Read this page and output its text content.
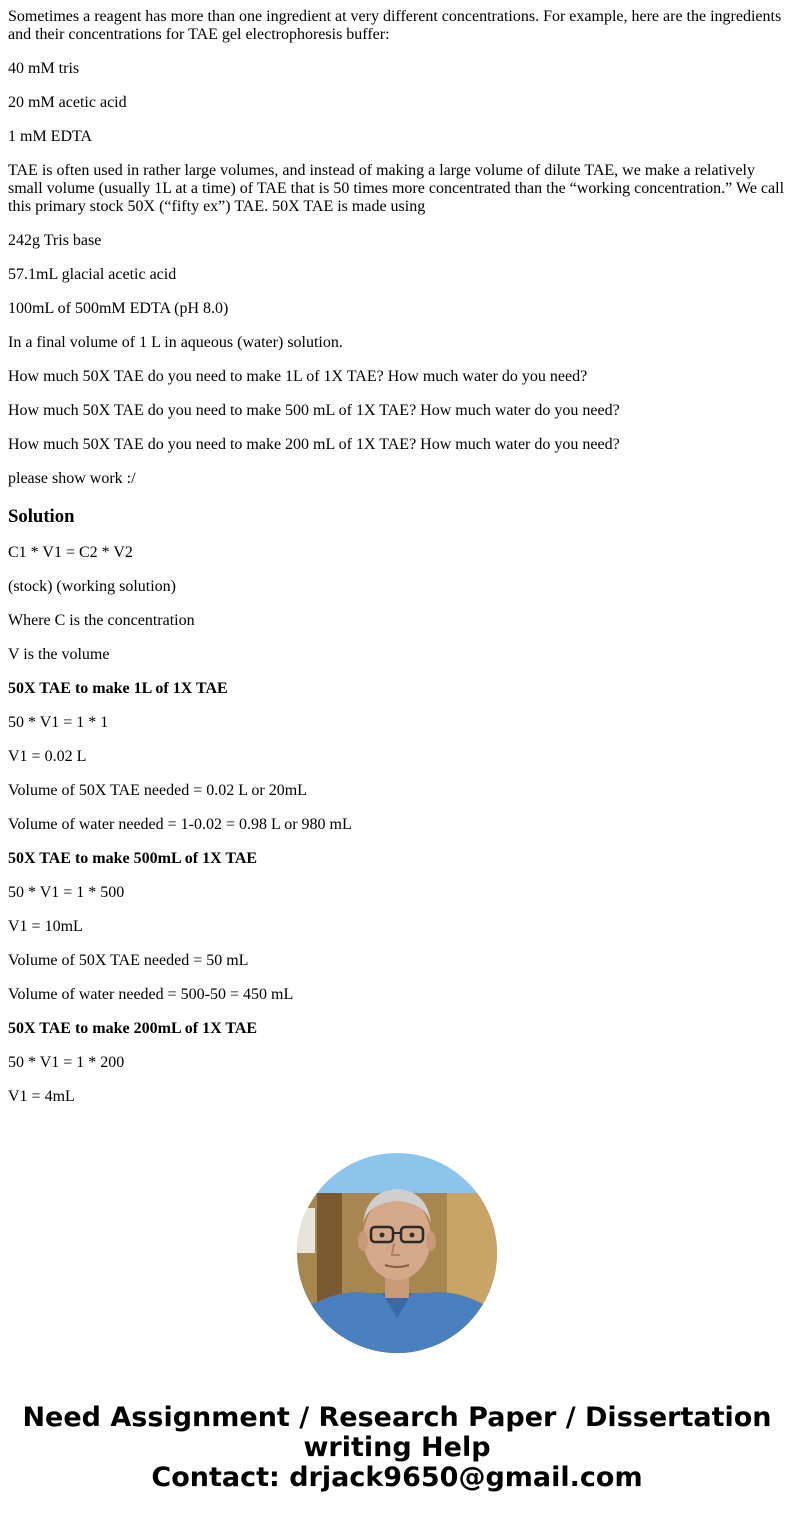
Sometimes a reagent has more than one ingredient at very different concentrations. For example, here are the ingredients and their concentrations for TAE gel electrophoresis buffer:

40 mM tris

20 mM acetic acid

1 mM EDTA

TAE is often used in rather large volumes, and instead of making a large volume of dilute TAE, we make a relatively small volume (usually 1L at a time) of TAE that is 50 times more concentrated than the “working concentration.” We call this primary stock 50X (“fifty ex”) TAE. 50X TAE is made using

242g Tris base

57.1mL glacial acetic acid

100mL of 500mM EDTA (pH 8.0)

In a final volume of 1 L in aqueous (water) solution.

How much 50X TAE do you need to make 1L of 1X TAE? How much water do you need?

How much 50X TAE do you need to make 500 mL of 1X TAE? How much water do you need?

How much 50X TAE do you need to make 200 mL of 1X TAE? How much water do you need?

please show work :/

Solution

C1 * V1 = C2 * V2

(stock) (working solution)

Where C is the concentration

V is the volume

50X TAE to make 1L of 1X TAE

50 * V1 = 1 * 1

V1 = 0.02 L

Volume of 50X TAE needed = 0.02 L or 20mL

Volume of water needed = 1-0.02 = 0.98 L or 980 mL

50X TAE to make 500mL of 1X TAE

50 * V1 = 1 * 500

V1 = 10mL

Volume of 50X TAE needed = 50 mL

Volume of water needed = 500-50 = 450 mL

50X TAE to make 200mL of 1X TAE

50 * V1 = 1 * 200

V1 = 4mL

Need Assignment / Research Paper / Dissertation
writing Help
Contact: drjack9650@gmail.com
